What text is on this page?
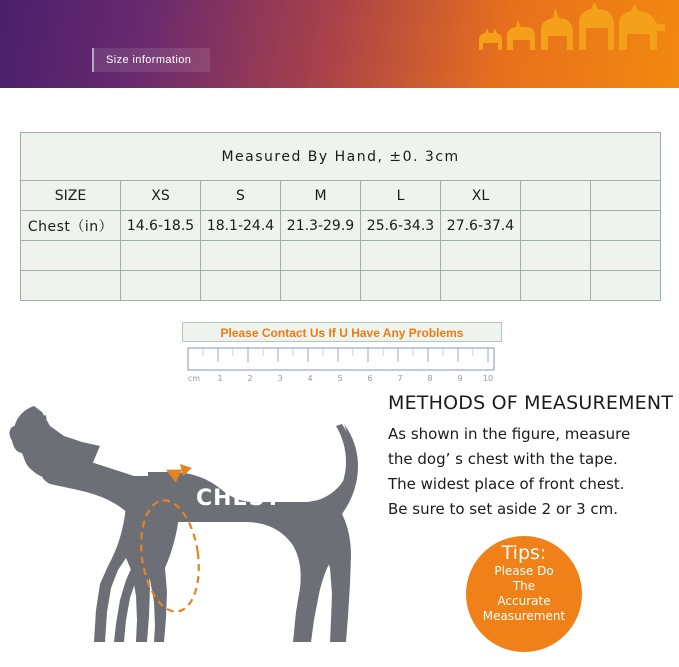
Size information
Measured By Hand, ±0. 3cm							
SIZE	XS	S	M	L	XL		
Chest（in）	14.6-18.5	18.1-24.4	21.3-29.9	25.6-34.3	27.6-37.4		

Please Contact Us If U Have Any Problems
cm 1	2	3	4	5	6	7	8	9	10
CHEST
METHODS OF MEASUREMENT
As shown in the figure, measure
the dog’ s chest with the tape.
The widest place of front chest.
Be sure to set aside 2 or 3 cm.
Tips:
Please Do
The
Accurate
Measurement
